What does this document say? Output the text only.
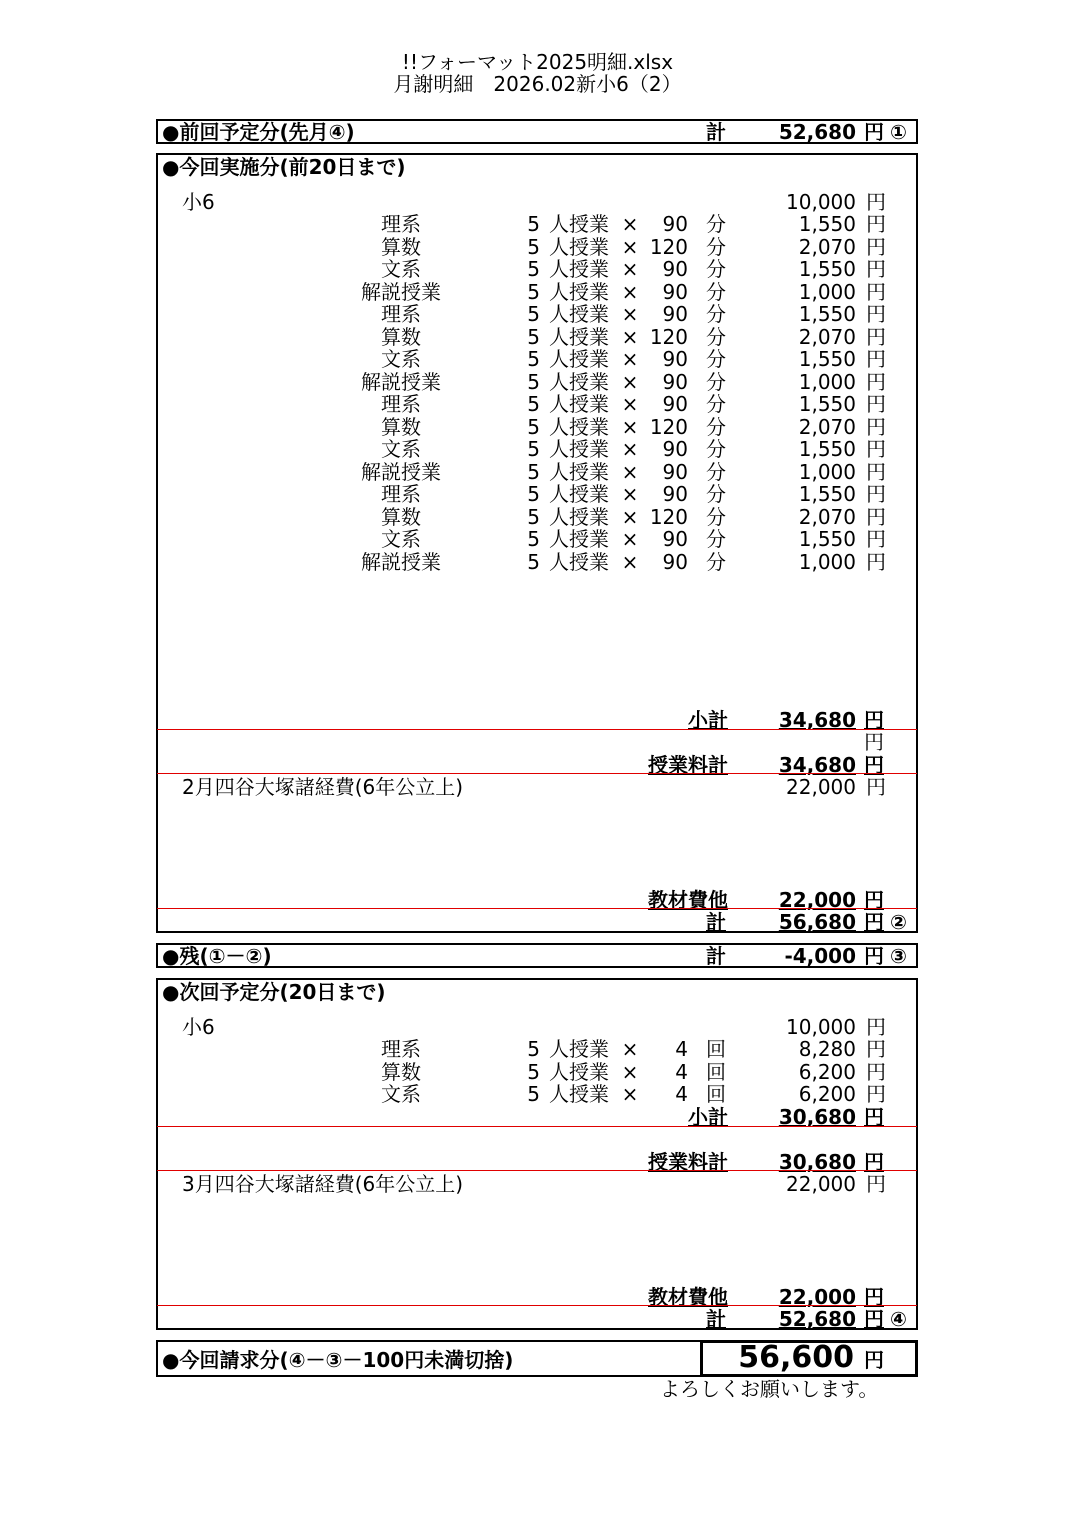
!!フォーマット2025明細.xlsx
月謝明細　2026.02新小6（2）
●前回予定分(先月④)	計	52,680 円 ①
●今回実施分(前20日まで)
小6	10,000 円
理系	5 人授業 ×	90 分	1,550 円
算数	5 人授業 × 120 分	2,070 円
文系	5 人授業 ×	90 分	1,550 円
解説授業	5 人授業 ×	90 分	1,000 円
理系	5 人授業 ×	90 分	1,550 円
算数	5 人授業 × 120 分	2,070 円
文系	5 人授業 ×	90 分	1,550 円
解説授業	5 人授業 ×	90 分	1,000 円
理系	5 人授業 ×	90 分	1,550 円
算数	5 人授業 × 120 分	2,070 円
文系	5 人授業 ×	90 分	1,550 円
解説授業	5 人授業 ×	90 分	1,000 円
理系	5 人授業 ×	90 分	1,550 円
算数	5 人授業 × 120 分	2,070 円
文系	5 人授業 ×	90 分	1,550 円
解説授業	5 人授業 ×	90 分	1,000 円
小計	34,680 円
円
授業料計	34,680 円
2月四谷大塚諸経費(6年公立上)	22,000 円
教材費他	22,000 円
計	56,680 円 ②
●残(①－②)	計	-4,000 円 ③
●次回予定分(20日まで)
小6	10,000 円
理系	5 人授業 ×	4 回	8,280 円
算数	5 人授業 ×	4 回	6,200 円
文系	5 人授業 ×	4 回	6,200 円
小計	30,680 円
授業料計	30,680 円
3月四谷大塚諸経費(6年公立上)	22,000 円
教材費他	22,000 円
計	52,680 円 ④
●今回請求分(④－③－100円未満切捨)	56,600 円
よろしくお願いします。
